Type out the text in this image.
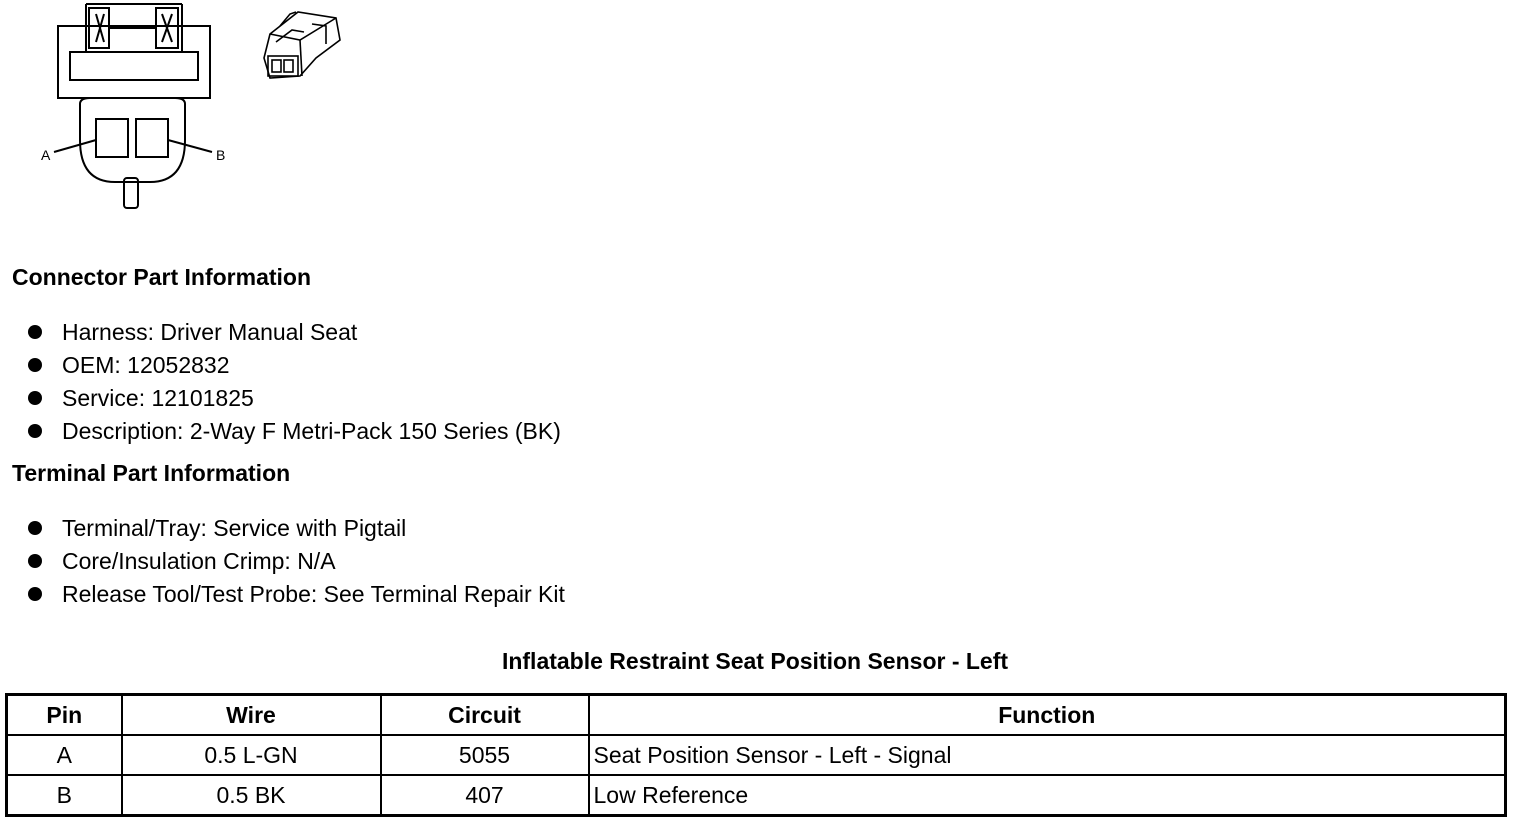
A	B
Connector Part Information
Harness: Driver Manual Seat
OEM: 12052832
Service: 12101825
Description: 2-Way F Metri-Pack 150 Series (BK)
Terminal Part Information
Terminal/Tray: Service with Pigtail
Core/Insulation Crimp: N/A
Release Tool/Test Probe: See Terminal Repair Kit
Inflatable Restraint Seat Position Sensor - Left
Pin	Wire	Circuit	Function
A	0.5 L-GN	5055	Seat Position Sensor - Left - Signal
B	0.5 BK	407	Low Reference
